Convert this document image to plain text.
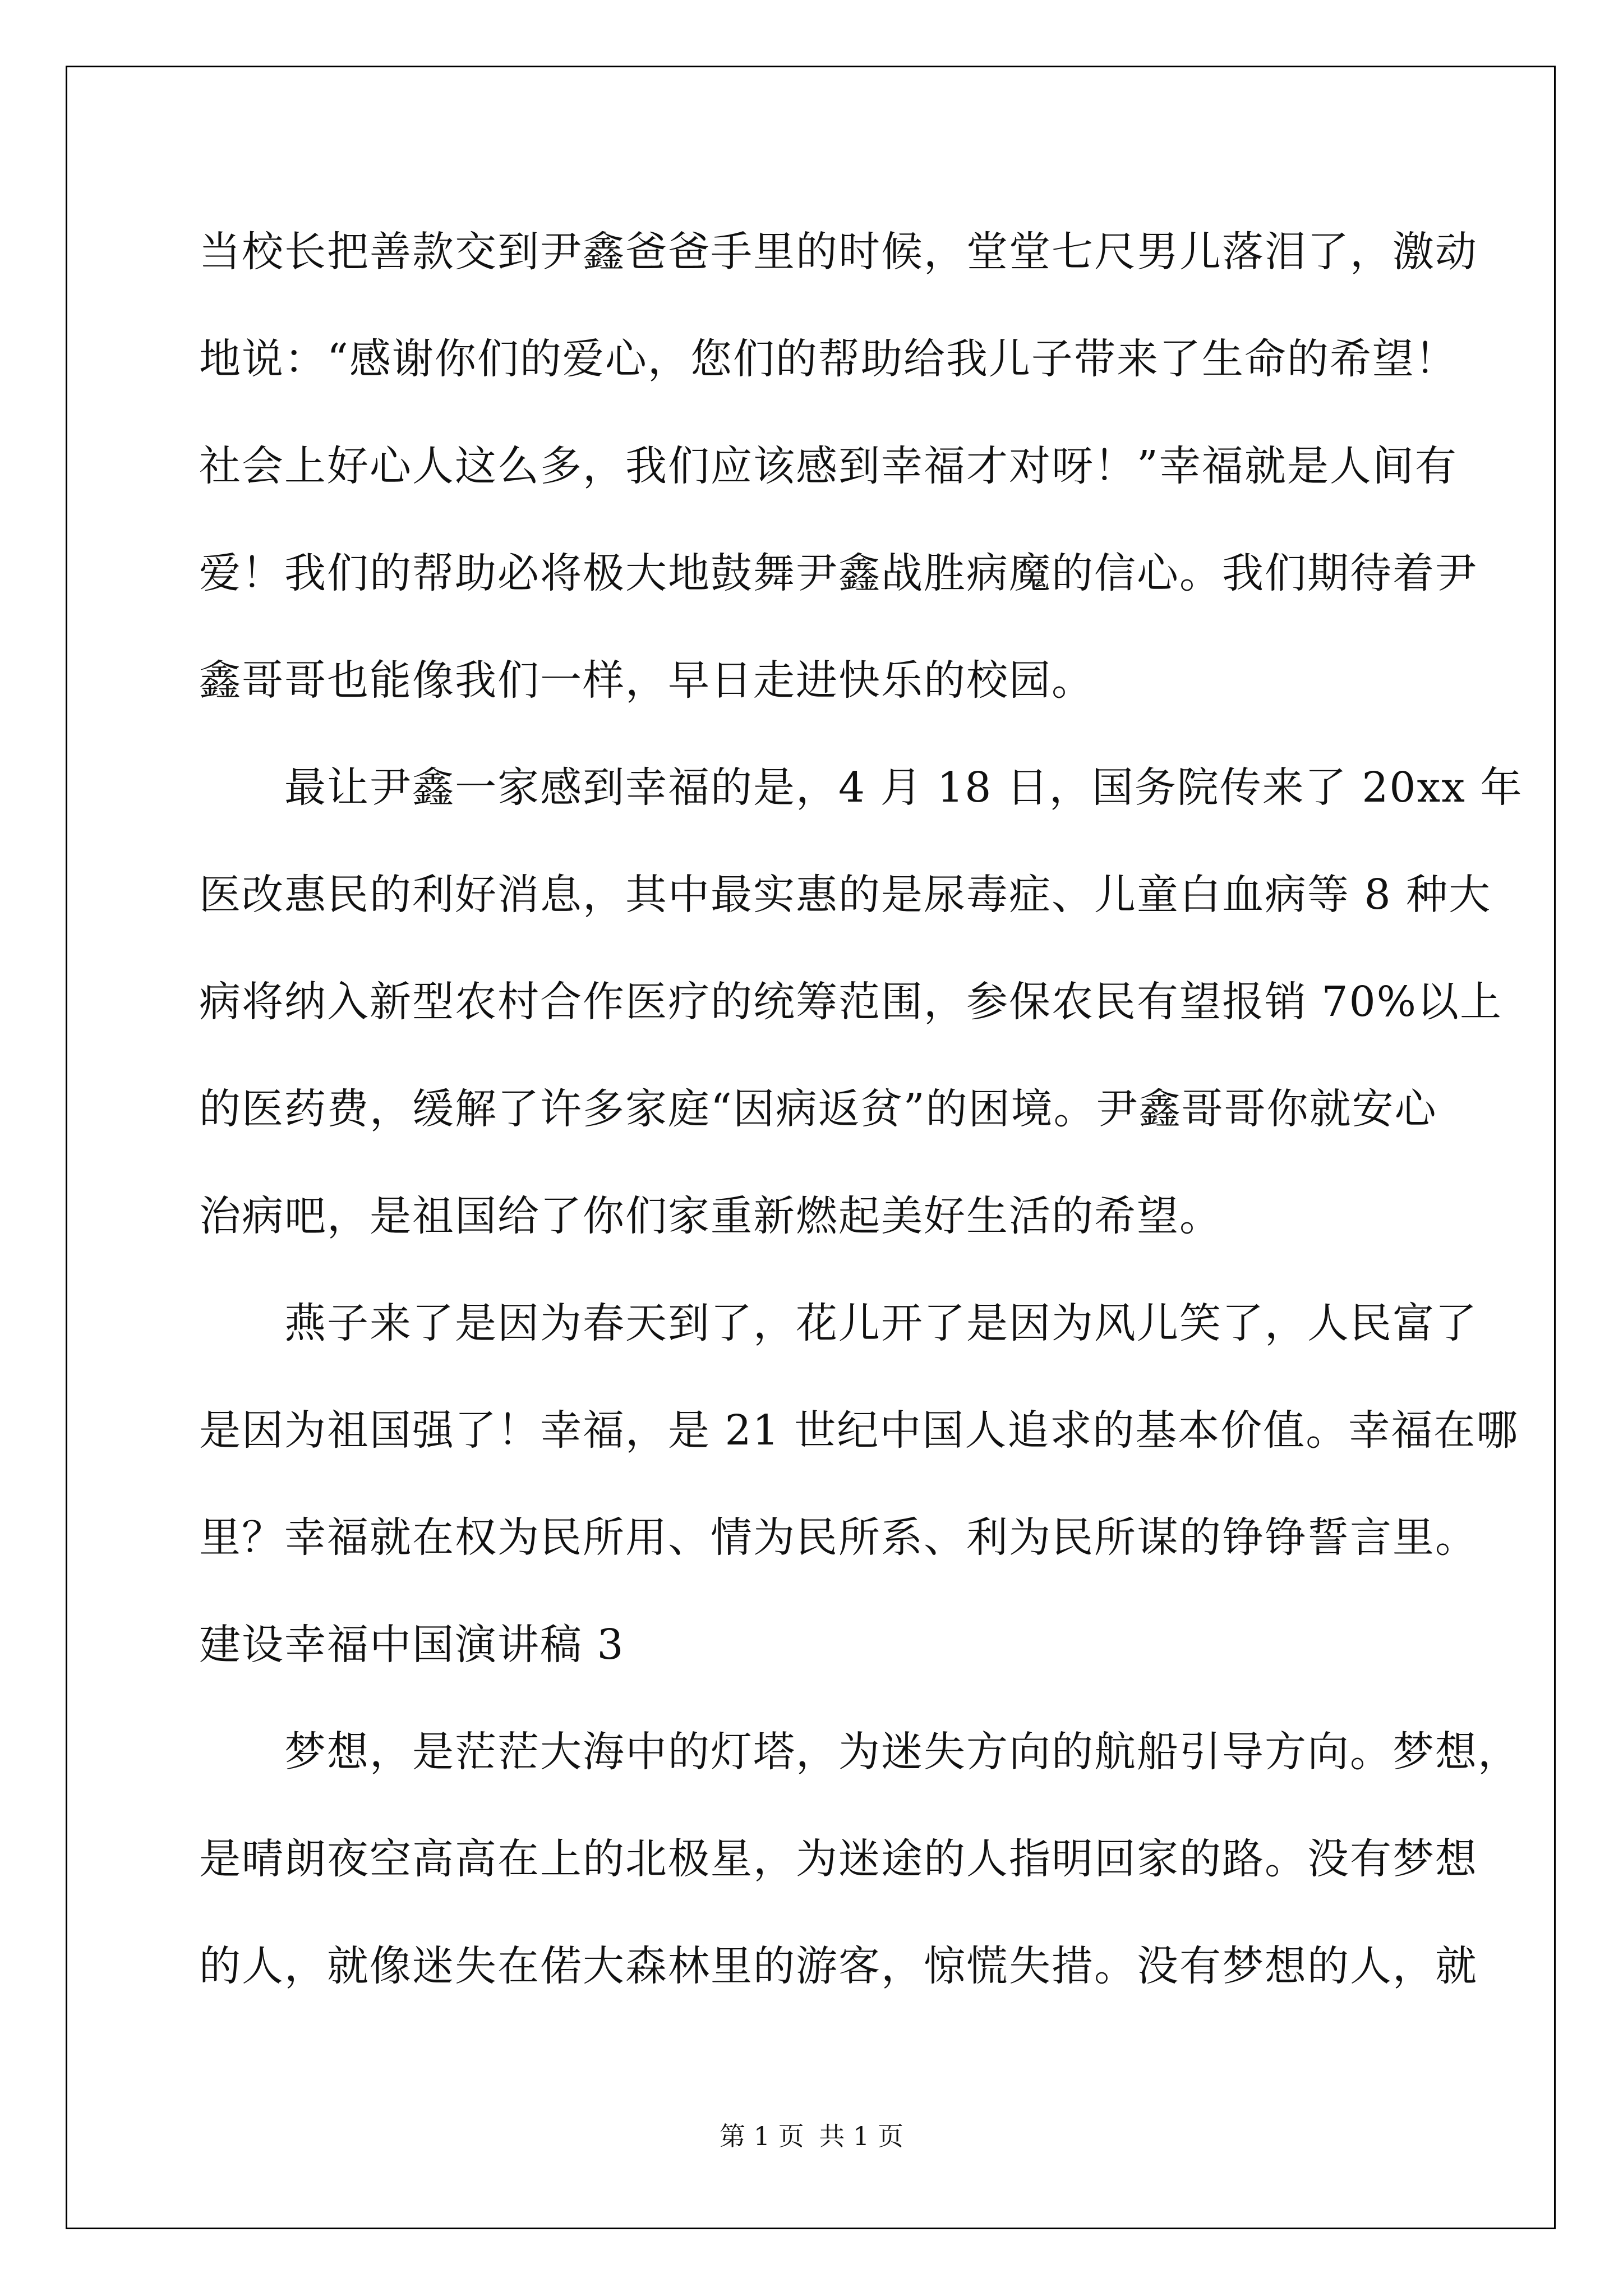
当校长把善款交到尹鑫爸爸手里的时候，堂堂七尺男儿落泪了，激动
地说：“感谢你们的爱心，您们的帮助给我儿子带来了生命的希望！
社会上好心人这么多，我们应该感到幸福才对呀！”幸福就是人间有
爱！我们的帮助必将极大地鼓舞尹鑫战胜病魔的信心。我们期待着尹
鑫哥哥也能像我们一样，早日走进快乐的校园。
　　最让尹鑫一家感到幸福的是，4 月 18 日，国务院传来了 20xx 年
医改惠民的利好消息，其中最实惠的是尿毒症、儿童白血病等 8 种大
病将纳入新型农村合作医疗的统筹范围，参保农民有望报销 70%以上
的医药费，缓解了许多家庭“因病返贫”的困境。尹鑫哥哥你就安心
治病吧，是祖国给了你们家重新燃起美好生活的希望。
　　燕子来了是因为春天到了，花儿开了是因为风儿笑了，人民富了
是因为祖国强了！幸福，是 21 世纪中国人追求的基本价值。幸福在哪
里？幸福就在权为民所用、情为民所系、利为民所谋的铮铮誓言里。
建设幸福中国演讲稿 3
　　梦想，是茫茫大海中的灯塔，为迷失方向的航船引导方向。梦想，
是晴朗夜空高高在上的北极星，为迷途的人指明回家的路。没有梦想
的人，就像迷失在偌大森林里的游客，惊慌失措。没有梦想的人，就
第 1 页 共 1 页
